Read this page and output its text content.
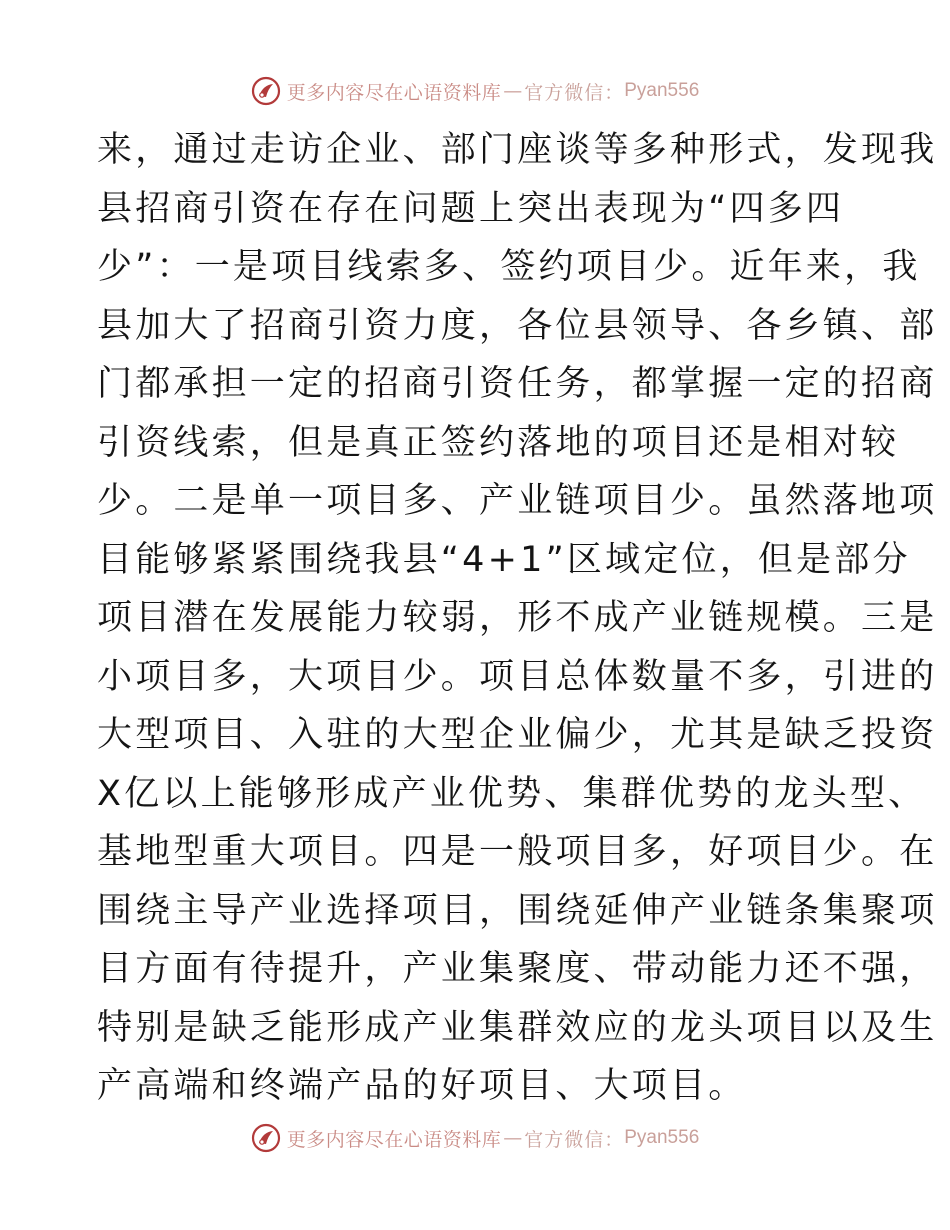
更多内容尽在心语资料库 — 官方微信： Pyan556
来，通过走访企业、部门座谈等多种形式，发现我
县招商引资在存在问题上突出表现为“四多四
少”：一是项目线索多、签约项目少。近年来，我
县加大了招商引资力度，各位县领导、各乡镇、部
门都承担一定的招商引资任务，都掌握一定的招商
引资线索，但是真正签约落地的项目还是相对较
少。二是单一项目多、产业链项目少。虽然落地项
目能够紧紧围绕我县“4+1”区域定位，但是部分
项目潜在发展能力较弱，形不成产业链规模。三是
小项目多，大项目少。项目总体数量不多，引进的
大型项目、入驻的大型企业偏少，尤其是缺乏投资
X亿以上能够形成产业优势、集群优势的龙头型、
基地型重大项目。四是一般项目多，好项目少。在
围绕主导产业选择项目，围绕延伸产业链条集聚项
目方面有待提升，产业集聚度、带动能力还不强，
特别是缺乏能形成产业集群效应的龙头项目以及生
产高端和终端产品的好项目、大项目。
更多内容尽在心语资料库 — 官方微信： Pyan556
